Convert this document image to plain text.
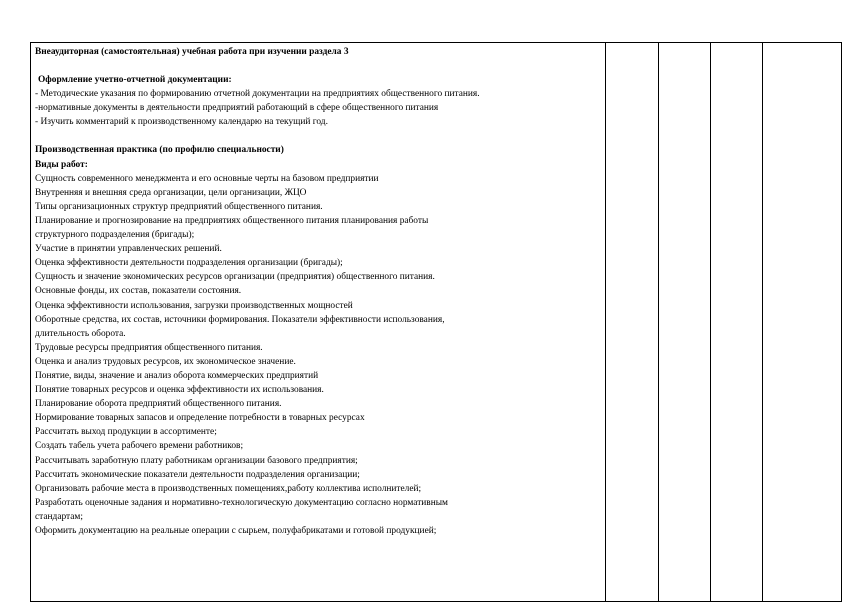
Внеаудиторная (самостоятельная) учебная работа при изучении раздела 3
Оформление учетно-отчетной документации:
- Методические указания по формированию отчетной документации на предприятиях общественного питания.
-нормативные документы в деятельности предприятий работающий в сфере общественного питания
- Изучить комментарий к производственному календарю на текущий год.
Производственная практика (по профилю специальности)
Виды работ:
Сущность современного менеджмента и его основные черты на базовом предприятии
Внутренняя и внешняя среда организации, цели организации, ЖЦО
Типы организационных структур предприятий общественного питания.
Планирование и прогнозирование на предприятиях общественного питания планирования работы
структурного подразделения (бригады);
Участие в принятии управленческих решений.
Оценка эффективности деятельности подразделения организации (бригады);
Сущность и значение экономических ресурсов организации (предприятия) общественного питания.
Основные фонды, их состав, показатели состояния.
Оценка эффективности использования, загрузки производственных мощностей
Оборотные средства, их состав, источники формирования. Показатели эффективности использования,
длительность оборота.
Трудовые ресурсы предприятия общественного питания.
Оценка и анализ трудовых ресурсов, их экономическое значение.
Понятие, виды, значение и анализ оборота коммерческих предприятий
Понятие товарных ресурсов и оценка эффективности их использования.
Планирование оборота предприятий общественного питания.
Нормирование товарных запасов и определение потребности в товарных ресурсах
Рассчитать выход продукции в ассортименте;
Создать табель учета рабочего времени работников;
Рассчитывать заработную плату работникам организации базового предприятия;
Рассчитать экономические показатели деятельности подразделения организации;
Организовать рабочие места в производственных помещениях,работу коллектива исполнителей;
Разработать оценочные задания и нормативно-технологическую документацию согласно нормативным
стандартам;
Оформить документацию на реальные операции с сырьем, полуфабрикатами и готовой продукцией;
